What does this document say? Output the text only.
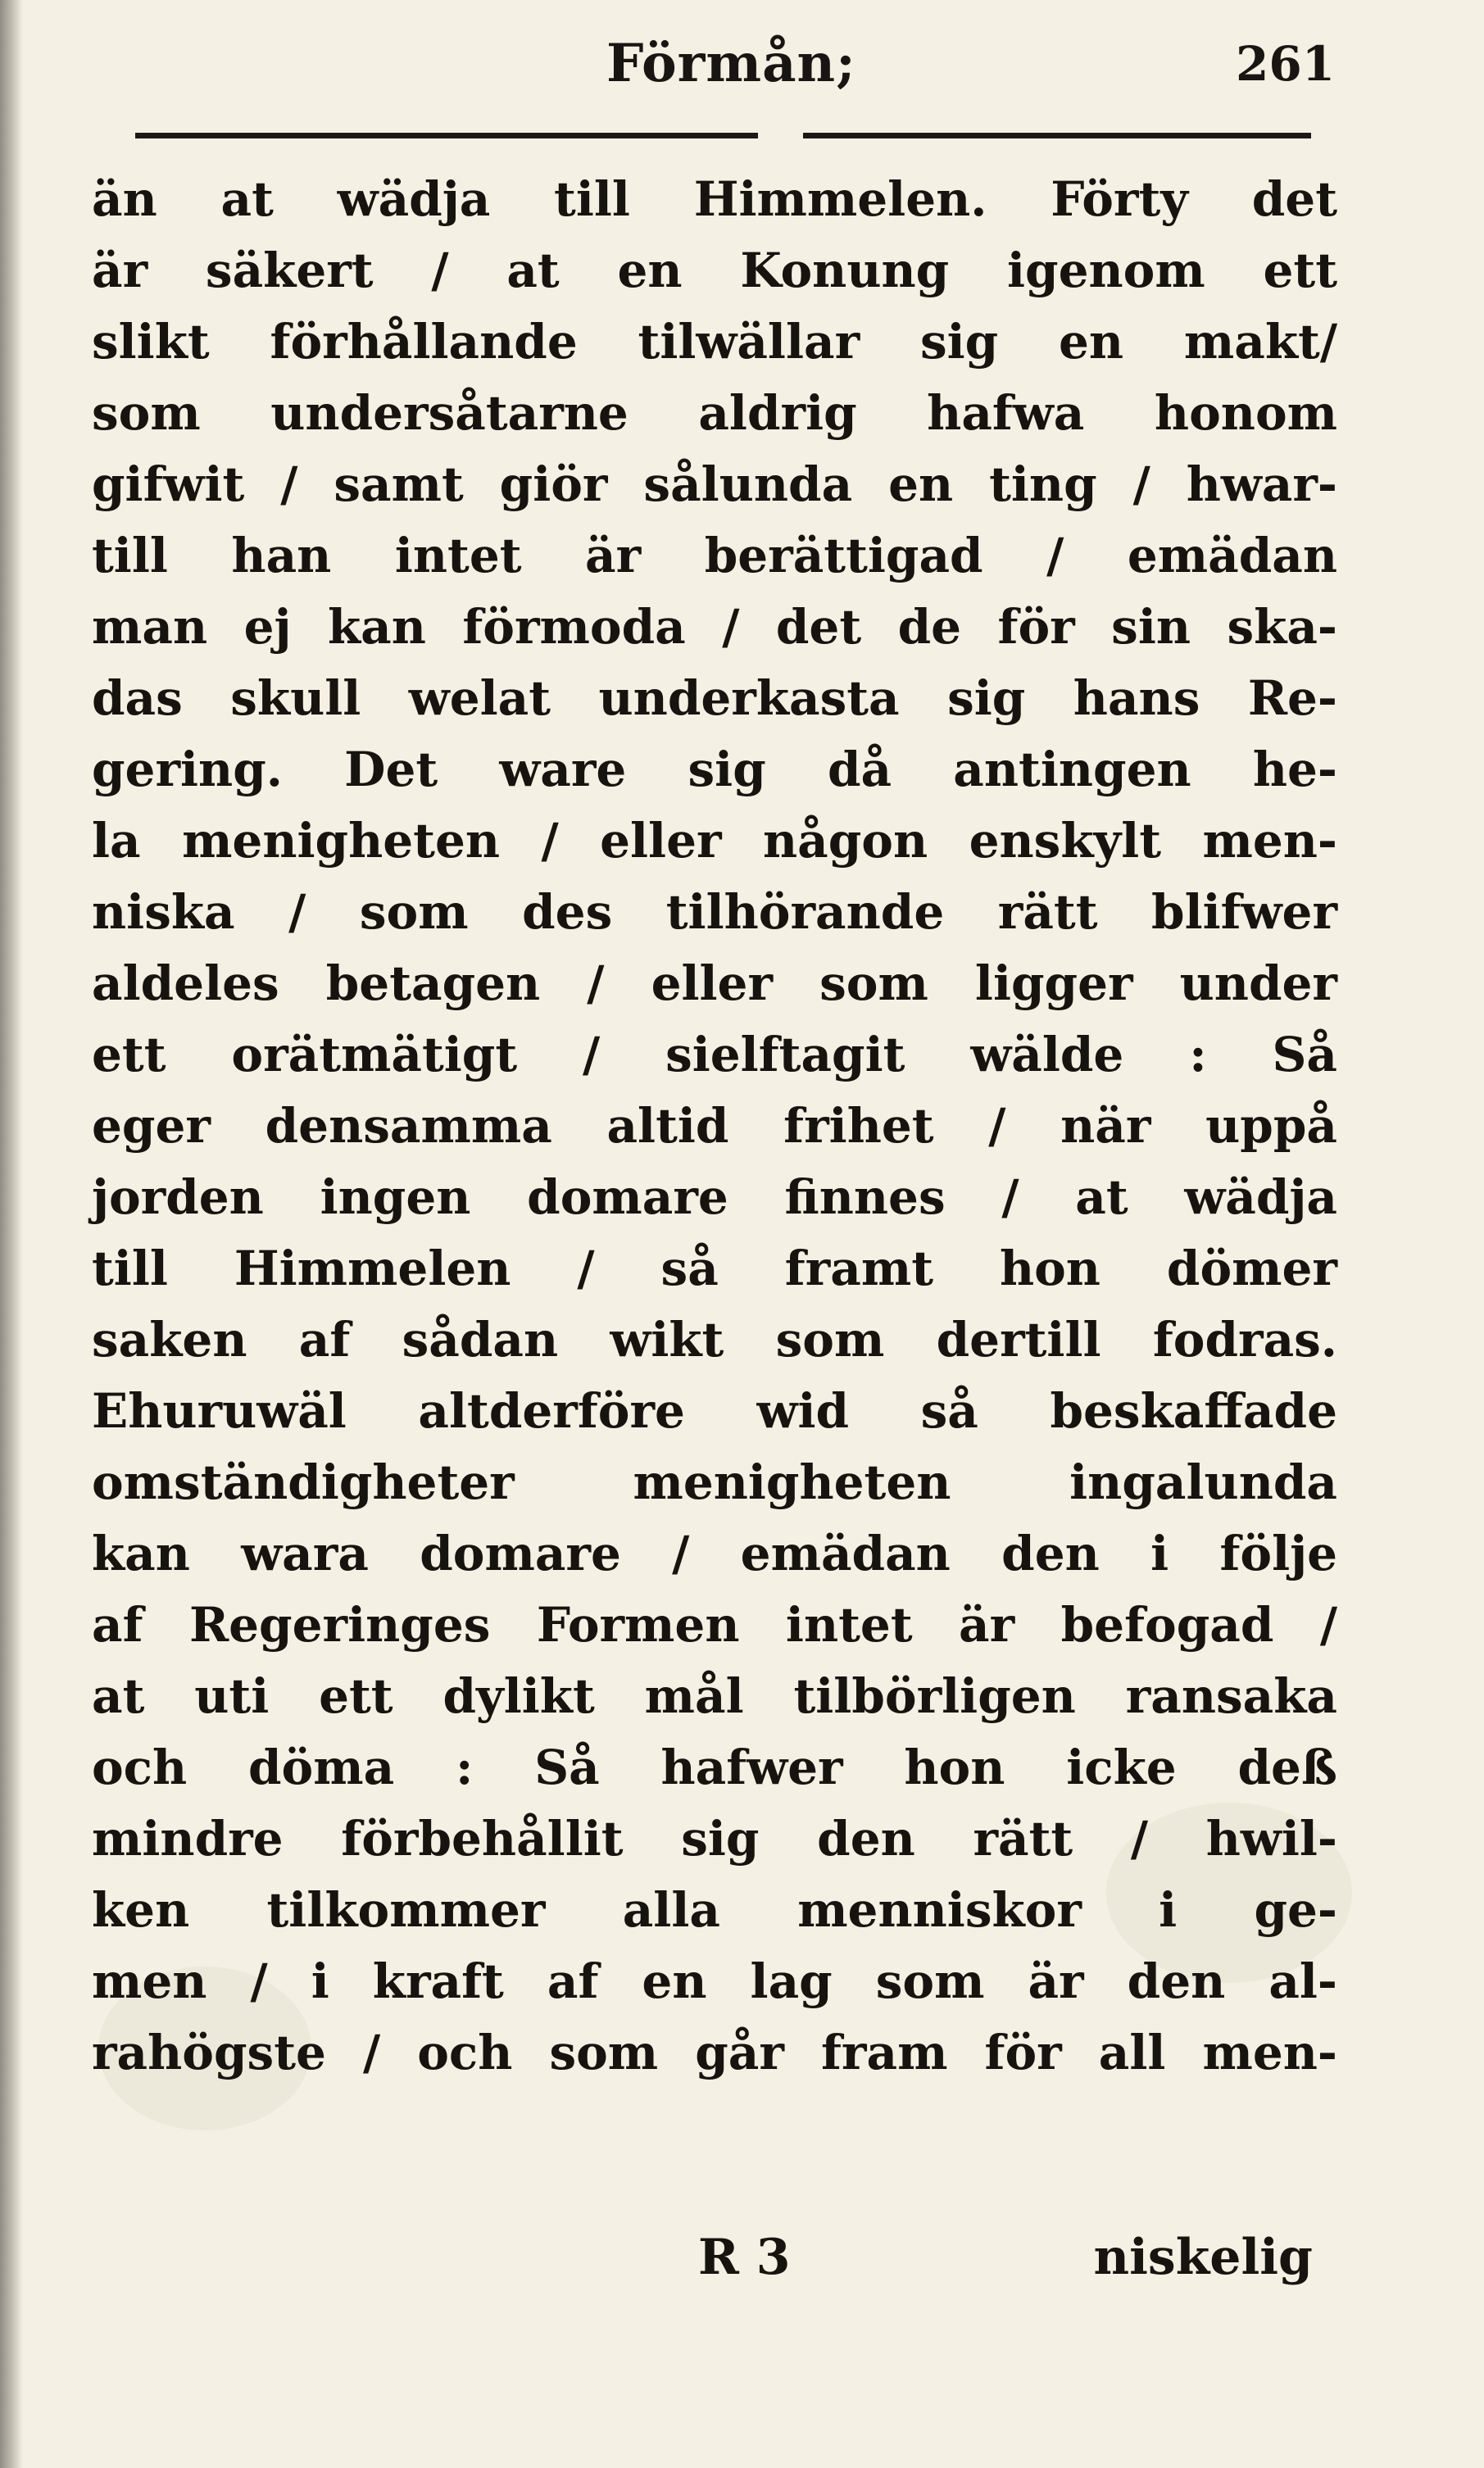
Förmån;	261
än at wädja till Himmelen. Förty det
är säkert / at en Konung igenom ett
slikt förhållande tilwällar sig en makt/
som undersåtarne aldrig hafwa honom
gifwit / samt giör sålunda en ting / hwar-
till han intet är berättigad / emädan
man ej kan förmoda / det de för sin ska-
das skull welat underkasta sig hans Re-
gering. Det ware sig då antingen he-
la menigheten / eller någon enskylt men-
niska / som des tilhörande rätt blifwer
aldeles betagen / eller som ligger under
ett orätmätigt / sielftagit wälde : Så
eger densamma altid frihet / när uppå
jorden ingen domare finnes / at wädja
till Himmelen / så framt hon dömer
saken af sådan wikt som dertill fodras.
Ehuruwäl altderföre wid så beskaffade
omständigheter menigheten ingalunda
kan wara domare / emädan den i följe
af Regeringes Formen intet är befogad /
at uti ett dylikt mål tilbörligen ransaka
och döma : Så hafwer hon icke deß
mindre förbehållit sig den rätt / hwil-
ken tilkommer alla menniskor i ge-
men / i kraft af en lag som är den al-
rahögste / och som går fram för all men-
R 3	niskelig
